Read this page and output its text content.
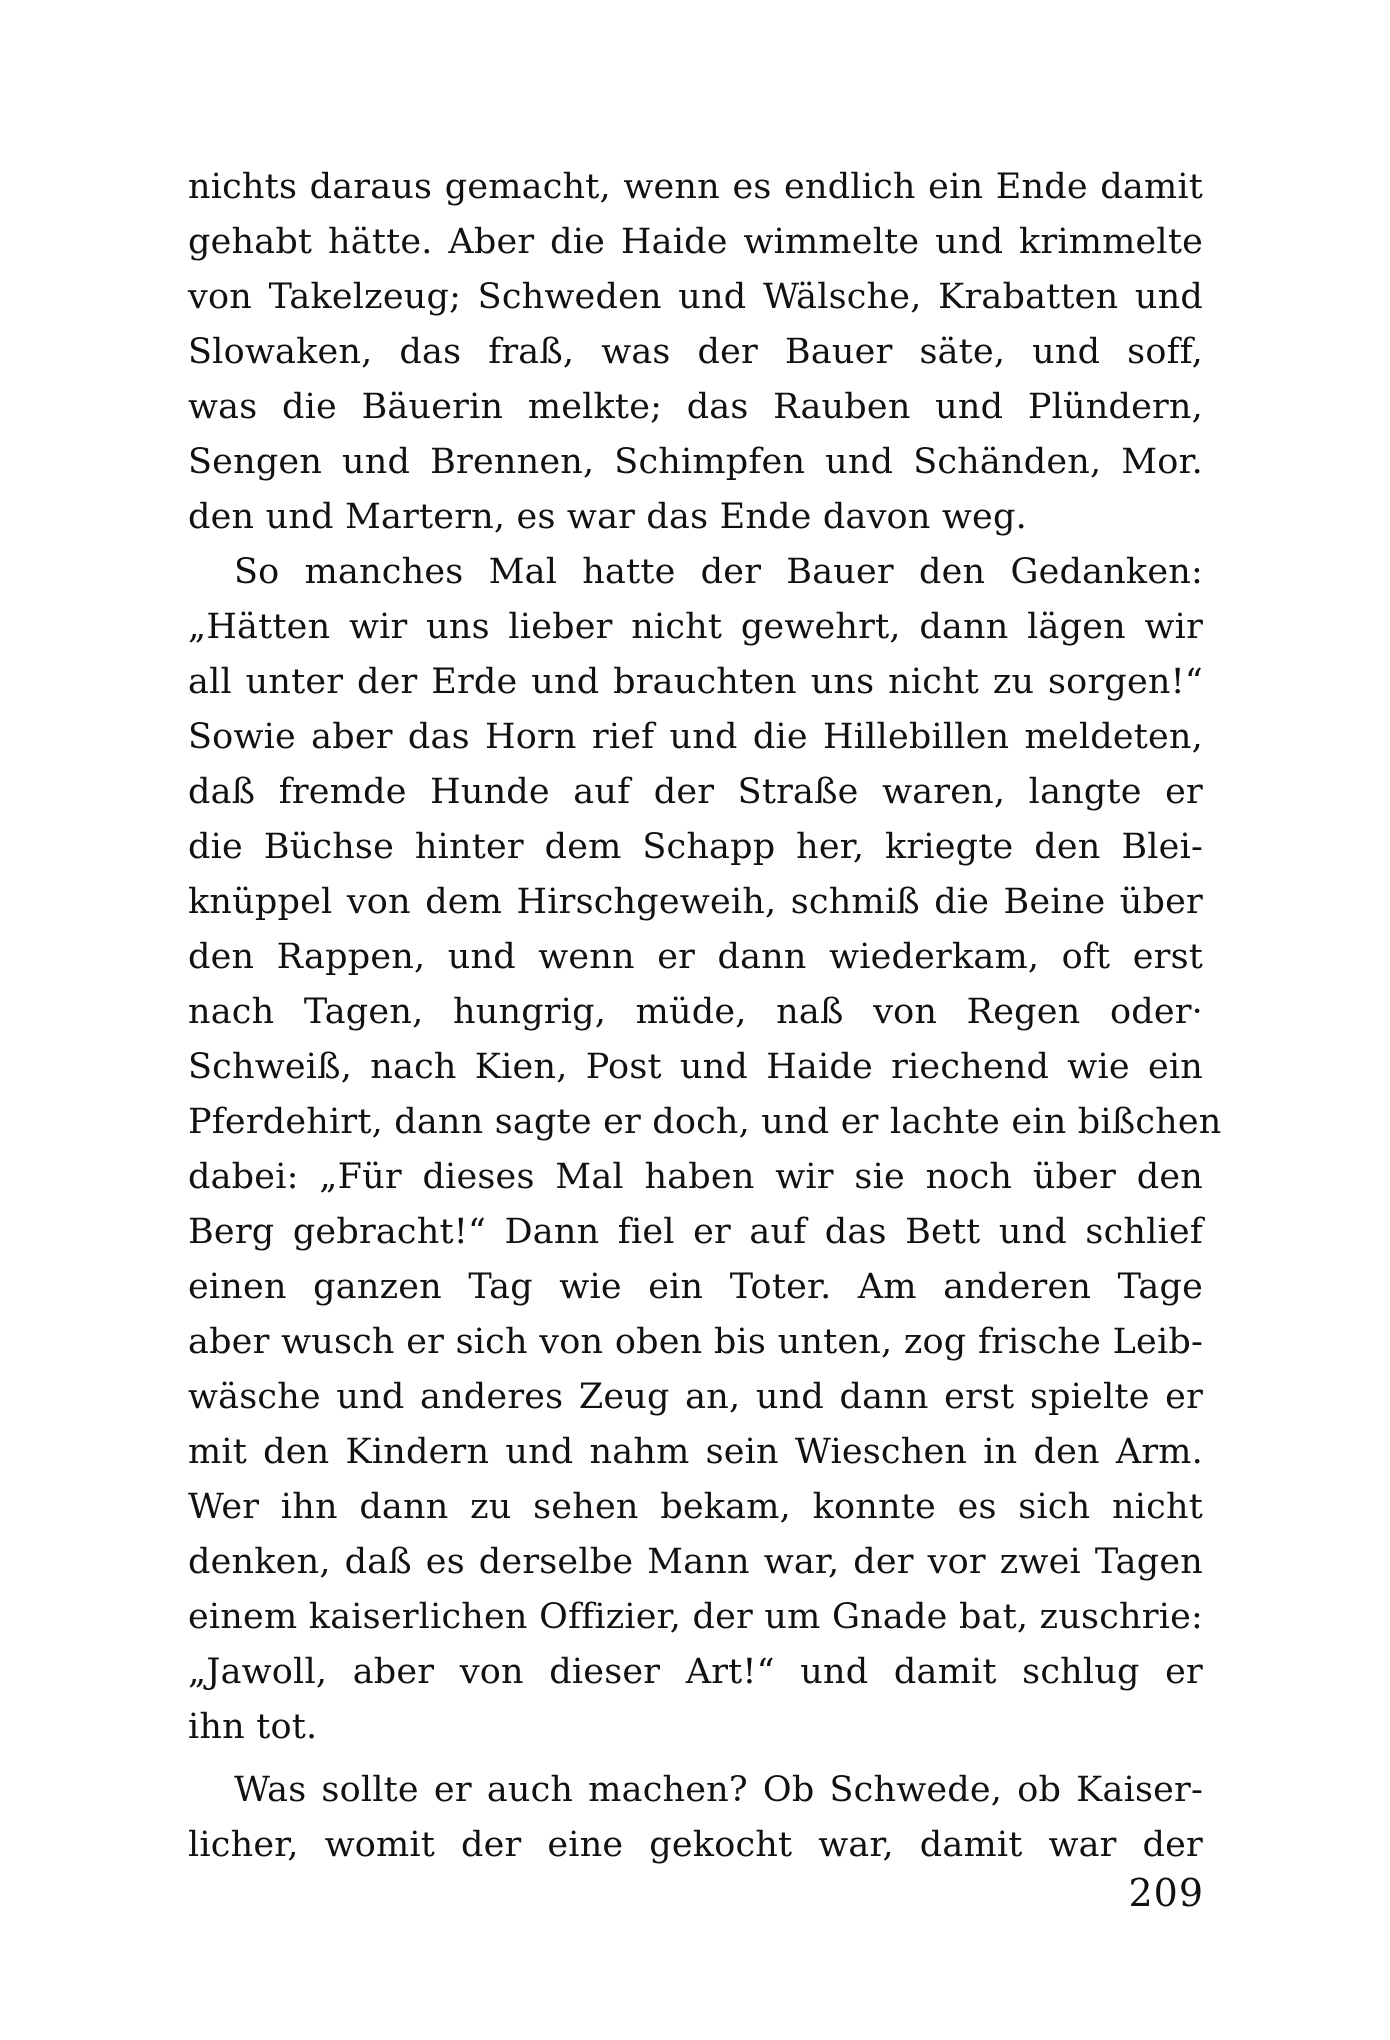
nichts daraus gemacht, wenn es endlich ein Ende damit
gehabt hätte. Aber die Haide wimmelte und krimmelte
von Takelzeug; Schweden und Wälsche, Krabatten und
Slowaken, das fraß, was der Bauer säte, und soff,
was die Bäuerin melkte; das Rauben und Plündern,
Sengen und Brennen, Schimpfen und Schänden, Mor.
den und Martern, es war das Ende davon weg.
So manches Mal hatte der Bauer den Gedanken:
„Hätten wir uns lieber nicht gewehrt, dann lägen wir
all unter der Erde und brauchten uns nicht zu sorgen!“
Sowie aber das Horn rief und die Hillebillen meldeten,
daß fremde Hunde auf der Straße waren, langte er
die Büchse hinter dem Schapp her, kriegte den Blei-
knüppel von dem Hirschgeweih, schmiß die Beine über
den Rappen, und wenn er dann wiederkam, oft erst
nach Tagen, hungrig, müde, naß von Regen oder·
Schweiß, nach Kien, Post und Haide riechend wie ein
Pferdehirt, dann sagte er doch, und er lachte ein bißchen
dabei: „Für dieses Mal haben wir sie noch über den
Berg gebracht!“ Dann fiel er auf das Bett und schlief
einen ganzen Tag wie ein Toter. Am anderen Tage
aber wusch er sich von oben bis unten, zog frische Leib-
wäsche und anderes Zeug an, und dann erst spielte er
mit den Kindern und nahm sein Wieschen in den Arm.
Wer ihn dann zu sehen bekam, konnte es sich nicht
denken, daß es derselbe Mann war, der vor zwei Tagen
einem kaiserlichen Offizier, der um Gnade bat, zuschrie:
„Jawoll, aber von dieser Art!“ und damit schlug er
ihn tot.
Was sollte er auch machen? Ob Schwede, ob Kaiser-
licher, womit der eine gekocht war, damit war der
209
